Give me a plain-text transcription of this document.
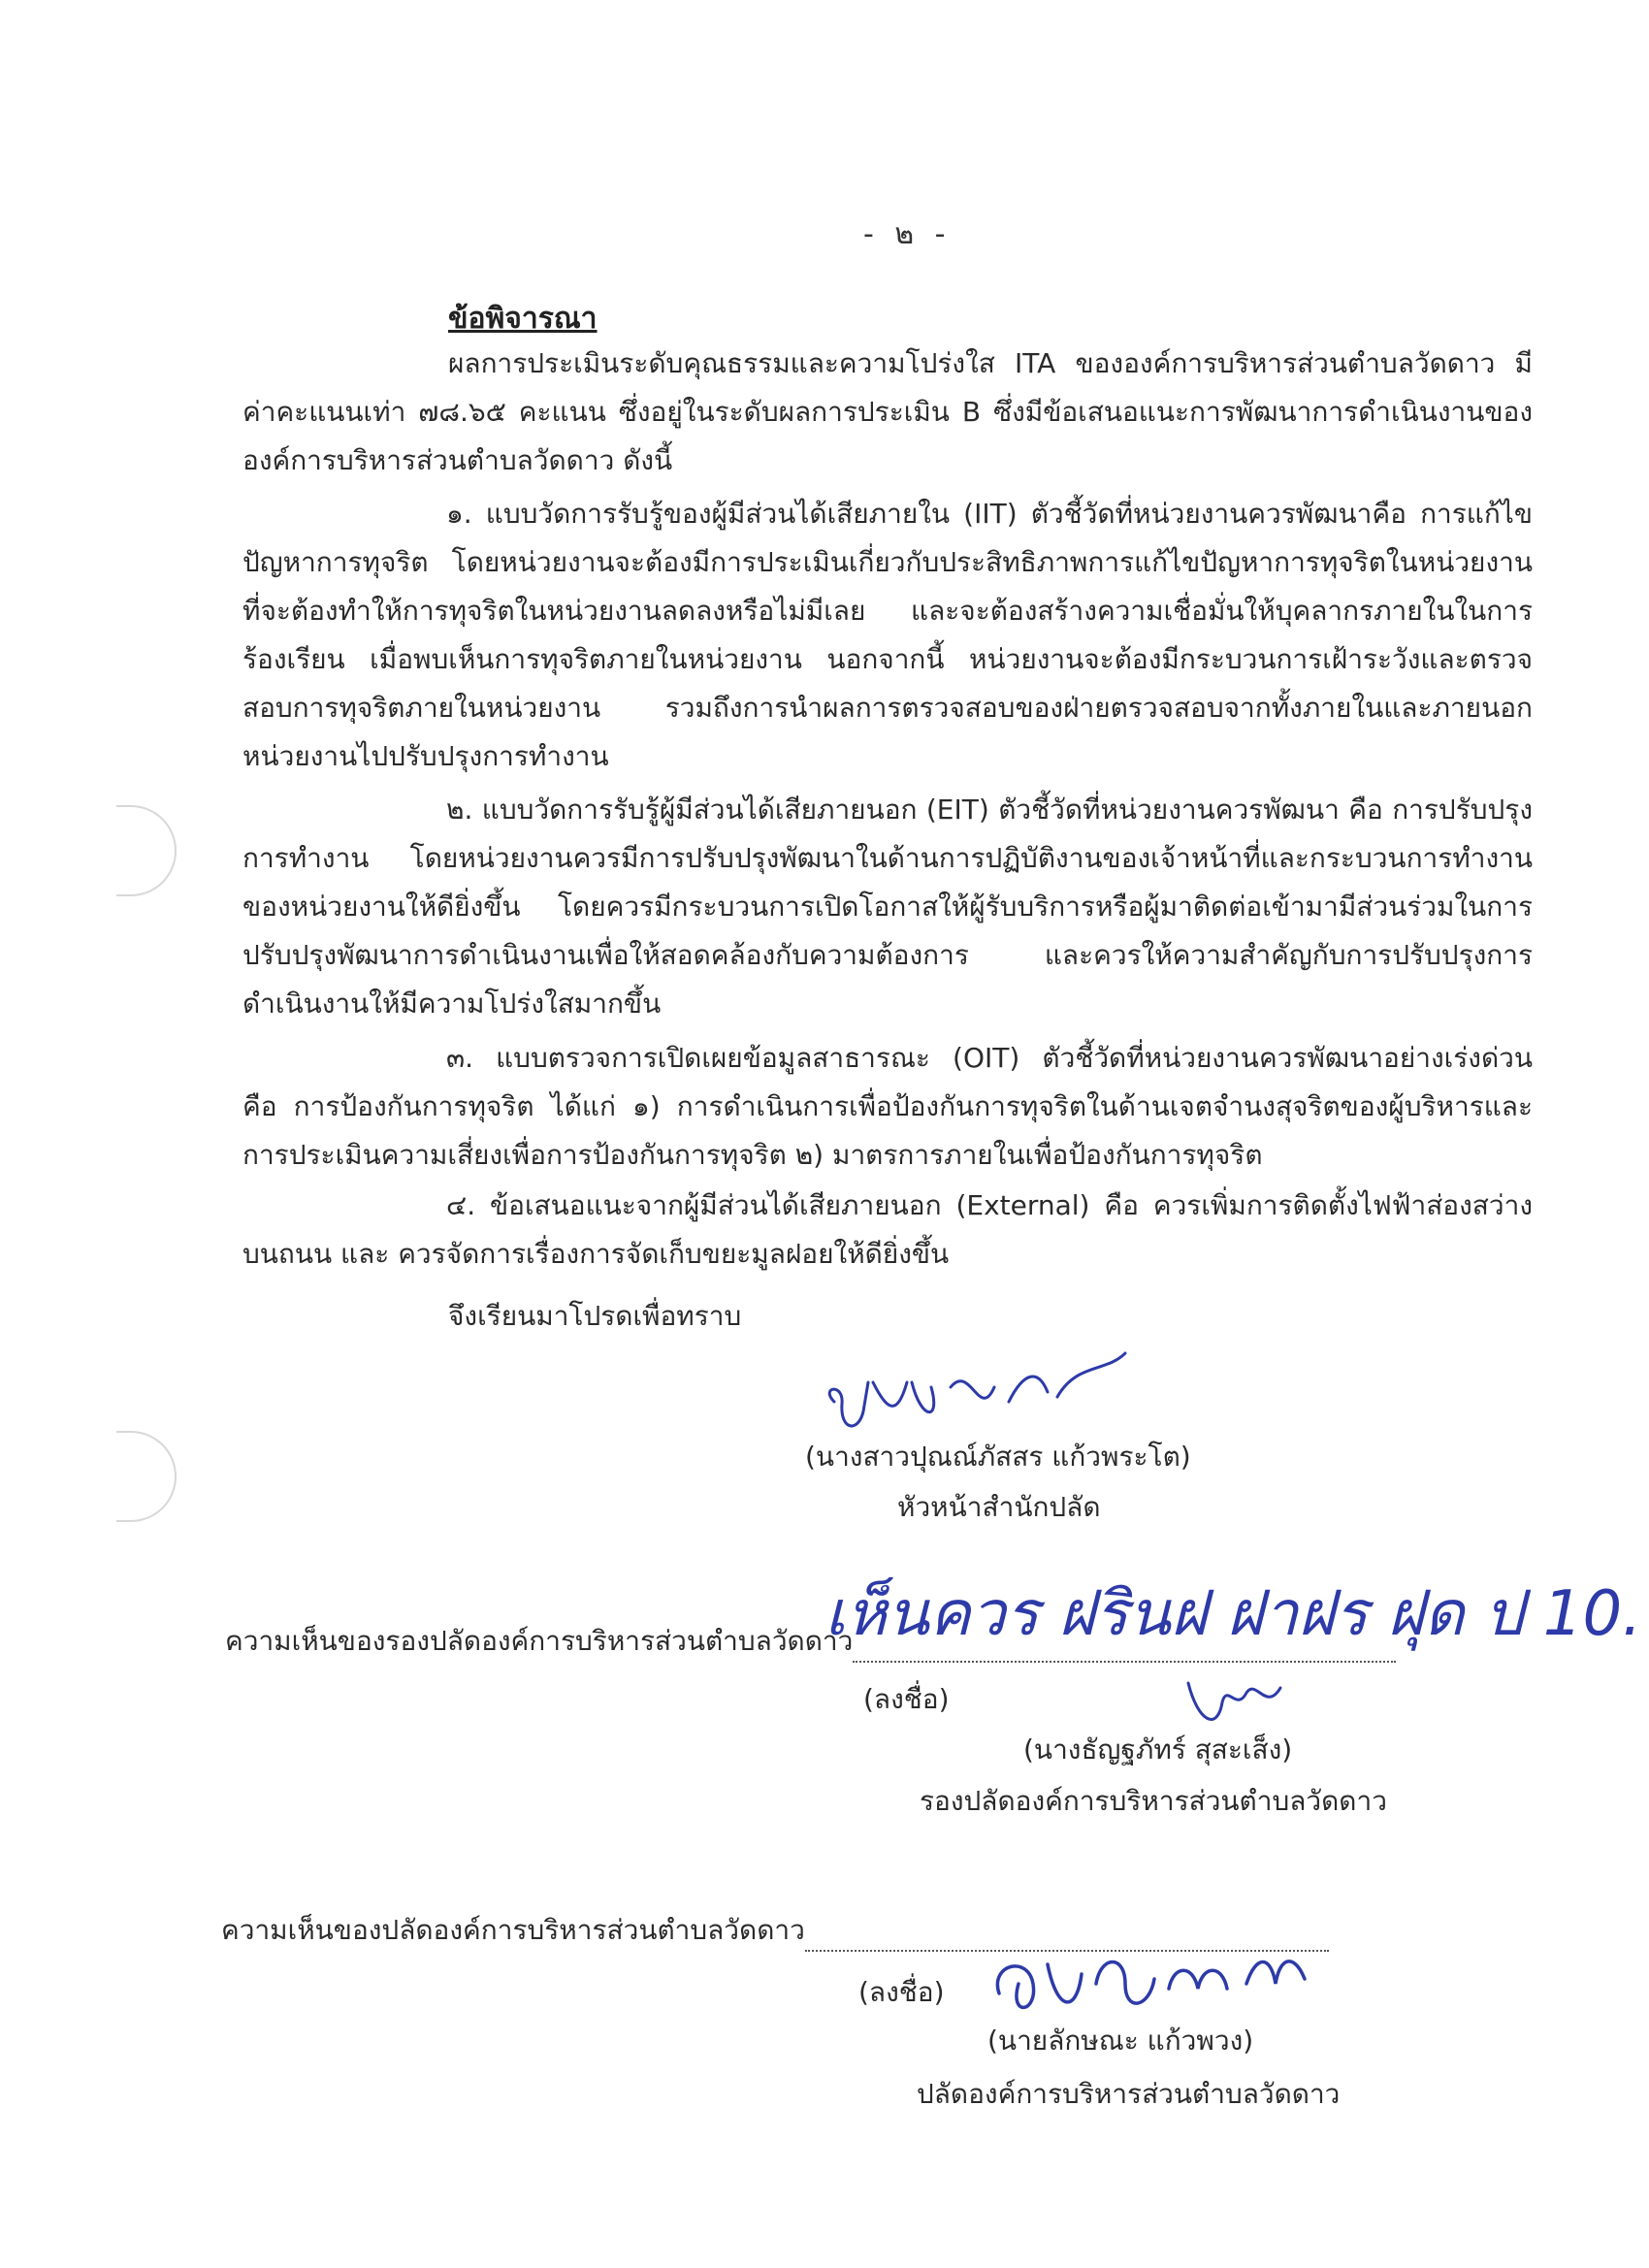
- ๒ -
ข้อพิจารณา
ผลการประเมินระดับคุณธรรมและความโปร่งใส ITA ขององค์การบริหารส่วนตำบลวัดดาว มีค่าคะแนนเท่า ๗๘.๖๕ คะแนน ซึ่งอยู่ในระดับผลการประเมิน B ซึ่งมีข้อเสนอแนะการพัฒนาการดำเนินงานขององค์การบริหารส่วนตำบลวัดดาว ดังนี้
๑. แบบวัดการรับรู้ของผู้มีส่วนได้เสียภายใน (IIT) ตัวชี้วัดที่หน่วยงานควรพัฒนาคือ การแก้ไขปัญหาการทุจริต โดยหน่วยงานจะต้องมีการประเมินเกี่ยวกับประสิทธิภาพการแก้ไขปัญหาการทุจริตในหน่วยงานที่จะต้องทำให้การทุจริตในหน่วยงานลดลงหรือไม่มีเลย และจะต้องสร้างความเชื่อมั่นให้บุคลากรภายในในการร้องเรียน เมื่อพบเห็นการทุจริตภายในหน่วยงาน นอกจากนี้ หน่วยงานจะต้องมีกระบวนการเฝ้าระวังและตรวจสอบการทุจริตภายในหน่วยงาน รวมถึงการนำผลการตรวจสอบของฝ่ายตรวจสอบจากทั้งภายในและภายนอกหน่วยงานไปปรับปรุงการทำงาน
๒. แบบวัดการรับรู้ผู้มีส่วนได้เสียภายนอก (EIT) ตัวชี้วัดที่หน่วยงานควรพัฒนา คือ การปรับปรุงการทำงาน โดยหน่วยงานควรมีการปรับปรุงพัฒนาในด้านการปฏิบัติงานของเจ้าหน้าที่และกระบวนการทำงานของหน่วยงานให้ดียิ่งขึ้น โดยควรมีกระบวนการเปิดโอกาสให้ผู้รับบริการหรือผู้มาติดต่อเข้ามามีส่วนร่วมในการปรับปรุงพัฒนาการดำเนินงานเพื่อให้สอดคล้องกับความต้องการ และควรให้ความสำคัญกับการปรับปรุงการดำเนินงานให้มีความโปร่งใสมากขึ้น
๓. แบบตรวจการเปิดเผยข้อมูลสาธารณะ (OIT) ตัวชี้วัดที่หน่วยงานควรพัฒนาอย่างเร่งด่วน คือ การป้องกันการทุจริต ได้แก่ ๑) การดำเนินการเพื่อป้องกันการทุจริตในด้านเจตจำนงสุจริตของผู้บริหารและการประเมินความเสี่ยงเพื่อการป้องกันการทุจริต ๒) มาตรการภายในเพื่อป้องกันการทุจริต
๔. ข้อเสนอแนะจากผู้มีส่วนได้เสียภายนอก (External) คือ ควรเพิ่มการติดตั้งไฟฟ้าส่องสว่างบนถนน และ ควรจัดการเรื่องการจัดเก็บขยะมูลฝอยให้ดียิ่งขึ้น
จึงเรียนมาโปรดเพื่อทราบ
(นางสาวปุณณ์ภัสสร แก้วพระโต)
หัวหน้าสำนักปลัด
ความเห็นของรองปลัดองค์การบริหารส่วนตำบลวัดดาว
เห็นควร ฝรินฝ ฝาฝร ฝุด ป 10.
(ลงชื่อ)
(นางธัญฐภัทร์ สุสะเส็ง)
รองปลัดองค์การบริหารส่วนตำบลวัดดาว
ความเห็นของปลัดองค์การบริหารส่วนตำบลวัดดาว
(ลงชื่อ)
(นายลักษณะ แก้วพวง)
ปลัดองค์การบริหารส่วนตำบลวัดดาว
